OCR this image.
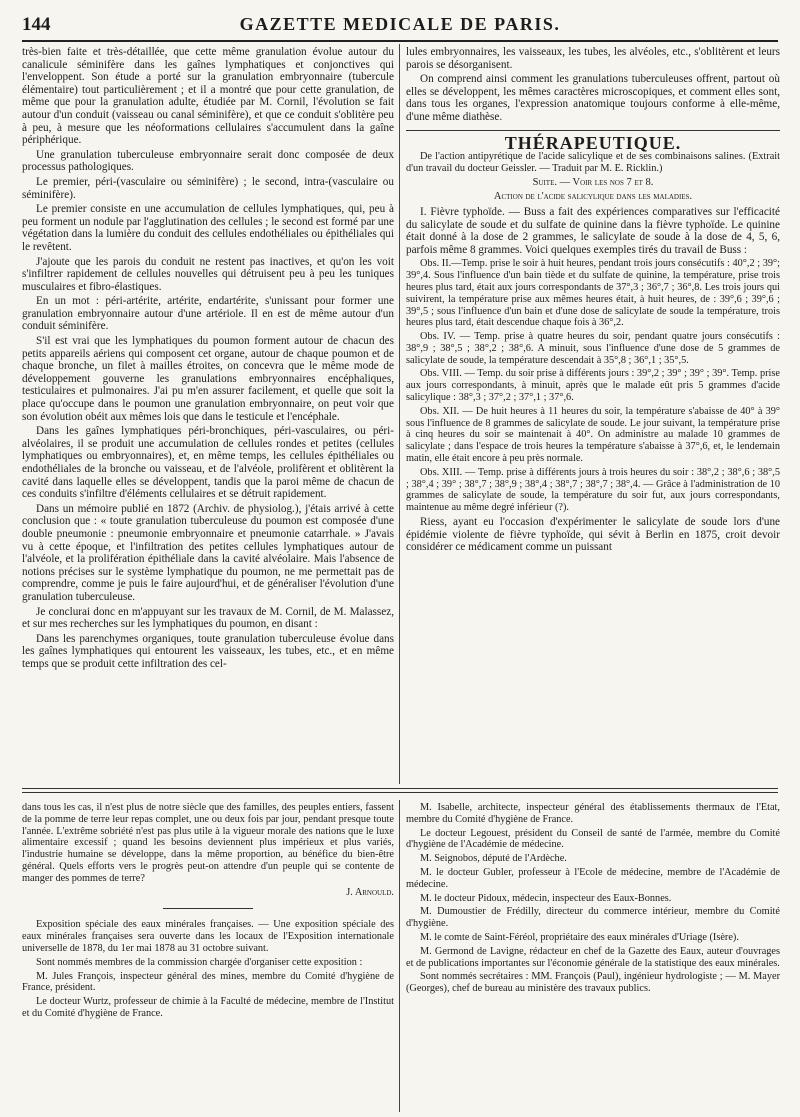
144	GAZETTE MEDICALE DE PARIS.

très-bien faite et très-détaillée, que cette même granulation évolue autour du canalicule séminifère dans les gaînes lymphatiques et conjonctives qui l'enveloppent. Son étude a porté sur la granulation embryonnaire (tubercule élémentaire) tout particulièrement ; et il a montré que pour cette granulation, de même que pour la granulation adulte, étudiée par M. Cornil, l'évolution se fait autour d'un conduit (vaisseau ou canal séminifère), et que ce conduit s'oblitère peu à peu, à mesure que les néoformations cellulaires s'accumulent dans la gaîne périphérique.

Une granulation tuberculeuse embryonnaire serait donc composée de deux processus pathologiques.

Le premier, péri-(vasculaire ou séminifère) ; le second, intra-(vasculaire ou séminifère).

Le premier consiste en une accumulation de cellules lymphatiques, qui, peu à peu forment un nodule par l'agglutination des cellules ; le second est formé par une végétation dans la lumière du conduit des cellules endothéliales ou épithéliales qui le revêtent.

J'ajoute que les parois du conduit ne restent pas inactives, et qu'on les voit s'infiltrer rapidement de cellules nouvelles qui détruisent peu à peu les tuniques musculaires et fibro-élastiques.

En un mot : péri-artérite, artérite, endartérite, s'unissant pour former une granulation embryonnaire autour d'une artériole. Il en est de même autour d'un conduit séminifère.

S'il est vrai que les lymphatiques du poumon forment autour de chacun des petits appareils aériens qui composent cet organe, autour de chaque poumon et de chaque bronche, un filet à mailles étroites, on concevra que le même mode de développement gouverne les granulations embryonnaires encéphaliques, testiculaires et pulmonaires. J'ai pu m'en assurer facilement, et quelle que soit la place qu'occupe dans le poumon une granulation embryonnaire, on peut voir que son évolution obéit aux mêmes lois que dans le testicule et l'encéphale.

Dans les gaînes lymphatiques péri-bronchiques, péri-vasculaires, ou péri-alvéolaires, il se produit une accumulation de cellules rondes et petites (cellules lymphatiques ou embryonnaires), et, en même temps, les cellules épithéliales ou endothéliales de la bronche ou vaisseau, et de l'alvéole, prolifèrent et oblitèrent la cavité dans laquelle elles se développent, tandis que la paroi même de chacun de ces conduits s'infiltre d'éléments cellulaires et se détruit rapidement.

Dans un mémoire publié en 1872 (Archiv. de physiolog.), j'étais arrivé à cette conclusion que : « toute granulation tuberculeuse du poumon est composée d'une double pneumonie : pneumonie embryonnaire et pneumonie catarrhale. » J'avais vu à cette époque, et l'infiltration des petites cellules lymphatiques autour de l'alvéole, et la prolifération épithéliale dans la cavité alvéolaire. Mais l'absence de notions précises sur le système lymphatique du poumon, ne me permettait pas de comprendre, comme je puis le faire aujourd'hui, et de généraliser l'évolution d'une granulation tuberculeuse.

Je conclurai donc en m'appuyant sur les travaux de M. Cornil, de M. Malassez, et sur mes recherches sur les lymphatiques du poumon, en disant :

Dans les parenchymes organiques, toute granulation tuberculeuse évolue dans les gaînes lymphatiques qui entourent les vaisseaux, les tubes, etc., et en même temps que se produit cette infiltration des cel-

lules embryonnaires, les vaisseaux, les tubes, les alvéoles, etc., s'oblitèrent et leurs parois se désorganisent.

On comprend ainsi comment les granulations tuberculeuses offrent, partout où elles se développent, les mêmes caractères microscopiques, et comment elles sont, dans tous les organes, l'expression anatomique toujours conforme à elle-même, d'une même diathèse.

THÉRAPEUTIQUE.

De l'action antipyrétique de l'acide salicylique et de ses combinaisons salines. (Extrait d'un travail du docteur Geissler. — Traduit par M. E. Ricklin.)

Suite. — Voir les nos 7 et 8.

Action de l'acide salicylique dans les maladies.

I. Fièvre typhoïde. — Buss a fait des expériences comparatives sur l'efficacité du salicylate de soude et du sulfate de quinine dans la fièvre typhoïde. Le quinine était donné à la dose de 2 grammes, le salicylate de soude à la dose de 4, 5, 6, parfois même 8 grammes. Voici quelques exemples tirés du travail de Buss :

Obs. II.—Temp. prise le soir à huit heures, pendant trois jours consécutifs : 40°,2 ; 39°; 39°,4. Sous l'influence d'un bain tiède et du sulfate de quinine, la température, prise trois heures plus tard, était aux jours correspondants de 37°,3 ; 36°,7 ; 36°,8. Les trois jours qui suivirent, la température prise aux mêmes heures était, à huit heures, de : 39°,6 ; 39°,6 ; 39°,5 ; sous l'influence d'un bain et d'une dose de salicylate de soude la température, trois heures plus tard, était descendue chaque fois à 36°,2.

Obs. IV. — Temp. prise à quatre heures du soir, pendant quatre jours consécutifs : 38°,9 ; 38°,5 ; 38°,2 ; 38°,6. A minuit, sous l'influence d'une dose de 5 grammes de salicylate de soude, la température descendait à 35°,8 ; 36°,1 ; 35°,5.

Obs. VIII. — Temp. du soir prise à différents jours : 39°,2 ; 39° ; 39° ; 39°. Temp. prise aux jours correspondants, à minuit, après que le malade eût pris 5 grammes d'acide salicylique : 38°,3 ; 37°,2 ; 37°,1 ; 37°,6.

Obs. XII. — De huit heures à 11 heures du soir, la température s'abaisse de 40° à 39° sous l'influence de 8 grammes de salicylate de soude. Le jour suivant, la température prise à cinq heures du soir se maintenait à 40°. On administre au malade 10 grammes de salicylate ; dans l'espace de trois heures la température s'abaisse à 37°,6, et, le lendemain matin, elle était encore à peu près normale.

Obs. XIII. — Temp. prise à différents jours à trois heures du soir : 38°,2 ; 38°,6 ; 38°,5 ; 38°,4 ; 39° ; 38°,7 ; 38°,9 ; 38°,4 ; 38°,7 ; 38°,7 ; 38°,4. — Grâce à l'administration de 10 grammes de salicylate de soude, la température du soir fut, aux jours correspondants, maintenue au même degré inférieur (?).

Riess, ayant eu l'occasion d'expérimenter le salicylate de soude lors d'une épidémie violente de fièvre typhoïde, qui sévit à Berlin en 1875, croit devoir considérer ce médicament comme un puissant

dans tous les cas, il n'est plus de notre siècle que des familles, des peuples entiers, fassent de la pomme de terre leur repas complet, une ou deux fois par jour, pendant presque toute l'année. L'extrême sobriété n'est pas plus utile à la vigueur morale des nations que le luxe alimentaire excessif ; quand les besoins deviennent plus impérieux et plus variés, l'industrie humaine se développe, dans la même proportion, au bénéfice du bien-être général. Quels efforts vers le progrès peut-on attendre d'un peuple qui se contente de manger des pommes de terre?

J. Arnould.

Exposition spéciale des eaux minérales françaises. — Une exposition spéciale des eaux minérales françaises sera ouverte dans les locaux de l'Exposition internationale universelle de 1878, du 1er mai 1878 au 31 octobre suivant.

Sont nommés membres de la commission chargée d'organiser cette exposition :

M. Jules François, inspecteur général des mines, membre du Comité d'hygiène de France, président.

Le docteur Wurtz, professeur de chimie à la Faculté de médecine, membre de l'Institut et du Comité d'hygiène de France.

M. Isabelle, architecte, inspecteur général des établissements thermaux de l'Etat, membre du Comité d'hygiène de France.

Le docteur Legouest, président du Conseil de santé de l'armée, membre du Comité d'hygiène de l'Académie de médecine.

M. Seignobos, député de l'Ardèche.

M. le docteur Gubler, professeur à l'Ecole de médecine, membre de l'Académie de médecine.

M. le docteur Pidoux, médecin, inspecteur des Eaux-Bonnes.

M. Dumoustier de Frédilly, directeur du commerce intérieur, membre du Comité d'hygiène.

M. le comte de Saint-Féréol, propriétaire des eaux minérales d'Uriage (Isère).

M. Germond de Lavigne, rédacteur en chef de la Gazette des Eaux, auteur d'ouvrages et de publications importantes sur l'économie générale de la statistique des eaux minérales.

Sont nommés secrétaires : MM. François (Paul), ingénieur hydrologiste ; — M. Mayer (Georges), chef de bureau au ministère des travaux publics.
